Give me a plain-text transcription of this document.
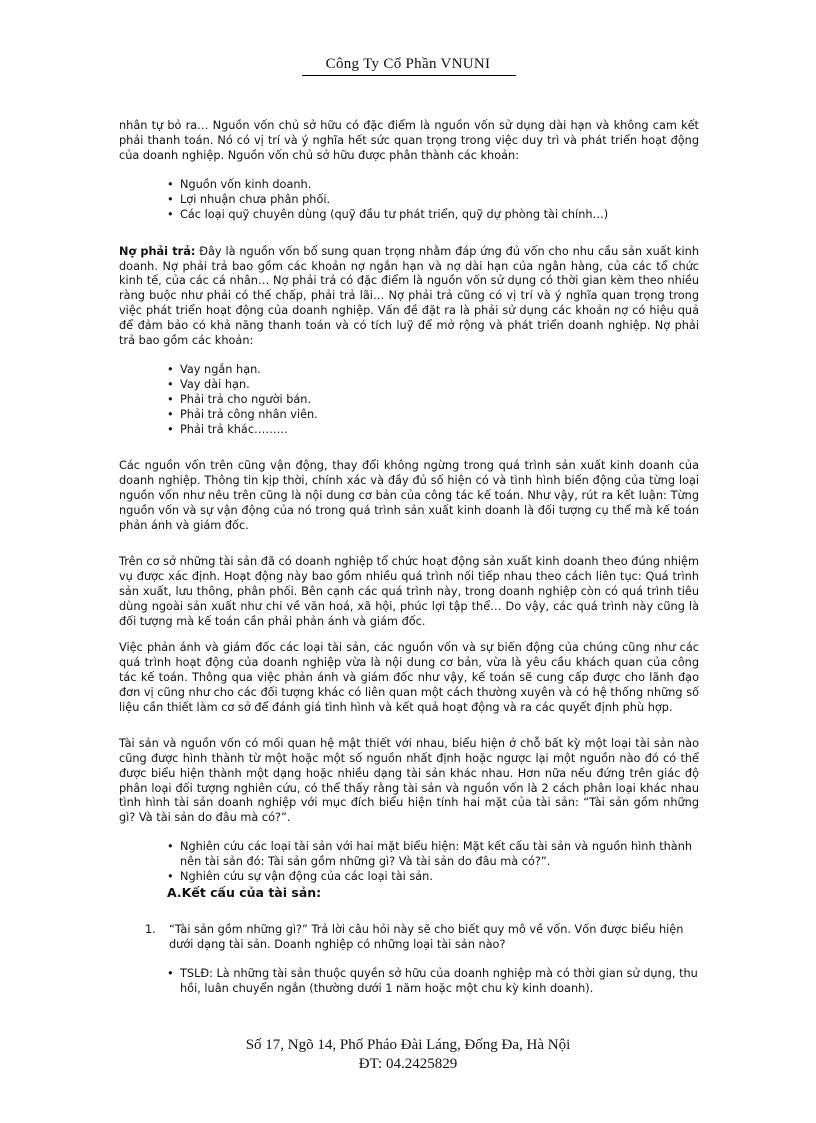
Công Ty Cổ Phần VNUNI

nhân tự bỏ ra… Nguồn vốn chủ sở hữu có đặc điểm là nguồn vốn sử dụng dài hạn và không cam kết phải thanh toán. Nó có vị trí và ý nghĩa hết sức quan trọng trong việc duy trì và phát triển hoạt động của doanh nghiệp. Nguồn vốn chủ sở hữu được phân thành các khoản:

• Nguồn vốn kinh doanh.
• Lợi nhuận chưa phân phối.
• Các loại quỹ chuyên dùng (quỹ đầu tư phát triển, quỹ dự phòng tài chính…)

Nợ phải trả: Đây là nguồn vốn bổ sung quan trọng nhằm đáp ứng đủ vốn cho nhu cầu sản xuất kinh doanh. Nợ phải trả bao gồm các khoản nợ ngắn hạn và nợ dài hạn của ngân hàng, của các tổ chức kinh tế, của các cá nhân… Nợ phải trả có đặc điểm là nguồn vốn sử dụng có thời gian kèm theo nhiều ràng buộc như phải có thế chấp, phải trả lãi… Nợ phải trả cũng có vị trí và ý nghĩa quan trọng trong việc phát triển hoạt động của doanh nghiệp. Vấn đề đặt ra là phải sử dụng các khoản nợ có hiệu quả để đảm bảo có khả năng thanh toán và có tích luỹ để mở rộng và phát triển doanh nghiệp. Nợ phải trả bao gồm các khoản:

• Vay ngắn hạn.
• Vay dài hạn.
• Phải trả cho người bán.
• Phải trả công nhân viên.
• Phải trả khác………

Các nguồn vốn trên cũng vận động, thay đổi không ngừng trong quá trình sản xuất kinh doanh của doanh nghiệp. Thông tin kịp thời, chính xác và đầy đủ số hiện có và tình hình biến động của từng loại nguồn vốn như nêu trên cũng là nội dung cơ bản của công tác kế toán. Như vậy, rút ra kết luận: Từng nguồn vốn và sự vận động của nó trong quá trình sản xuất kinh doanh là đối tượng cụ thể mà kế toán phản ánh và giám đốc.

Trên cơ sở những tài sản đã có doanh nghiệp tổ chức hoạt động sản xuất kinh doanh theo đúng nhiệm vụ được xác định. Hoạt động này bao gồm nhiều quá trình nối tiếp nhau theo cách liên tục: Quá trình sản xuất, lưu thông, phân phối. Bên cạnh các quá trình này, trong doanh nghiệp còn có quá trình tiêu dùng ngoài sản xuất như chi về văn hoá, xã hội, phúc lợi tập thể… Do vậy, các quá trình này cũng là đối tượng mà kế toán cần phải phản ánh và giám đốc.

Việc phản ánh và giám đốc các loại tài sản, các nguồn vốn và sự biến động của chúng cũng như các quá trình hoạt động của doanh nghiệp vừa là nội dung cơ bản, vừa là yêu cầu khách quan của công tác kế toán. Thông qua việc phản ánh và giám đốc như vậy, kế toán sẽ cung cấp được cho lãnh đạo đơn vị cũng như cho các đối tượng khác có liên quan một cách thường xuyên và có hệ thống những số liệu cần thiết làm cơ sở để đánh giá tình hình và kết quả hoạt động và ra các quyết định phù hợp.

Tài sản và nguồn vốn có mối quan hệ mật thiết với nhau, biểu hiện ở chỗ bất kỳ một loại tài sản nào cũng được hình thành từ một hoặc một số nguồn nhất định hoặc ngược lại một nguồn nào đó có thể được biểu hiện thành một dạng hoặc nhiều dạng tài sản khác nhau. Hơn nữa nếu đứng trên giác độ phân loại đối tượng nghiên cứu, có thể thấy rằng tài sản và nguồn vốn là 2 cách phân loại khác nhau tình hình tài sản doanh nghiệp với mục đích biểu hiện tính hai mặt của tài sản: “Tài sản gồm những gì? Và tài sản do đâu mà có?”.

• Nghiên cứu các loại tài sản với hai mặt biểu hiện: Mặt kết cấu tài sản và nguồn hình thành nên tài sản đó: Tài sản gồm những gì? Và tài sản do đâu mà có?”.
• Nghiên cứu sự vận động của các loại tài sản.
A.Kết cấu của tài sản:
1.	“Tài sản gồm những gì?” Trả lời câu hỏi này sẽ cho biết quy mô về vốn. Vốn được biểu hiện dưới dạng tài sản. Doanh nghiệp có những loại tài sản nào?
• TSLĐ: Là những tài sản thuộc quyền sở hữu của doanh nghiệp mà có thời gian sử dụng, thu hồi, luân chuyển ngắn (thường dưới 1 năm hoặc một chu kỳ kinh doanh).
Số 17, Ngõ 14, Phố Pháo Đài Láng, Đống Đa, Hà Nội
ĐT: 04.2425829
